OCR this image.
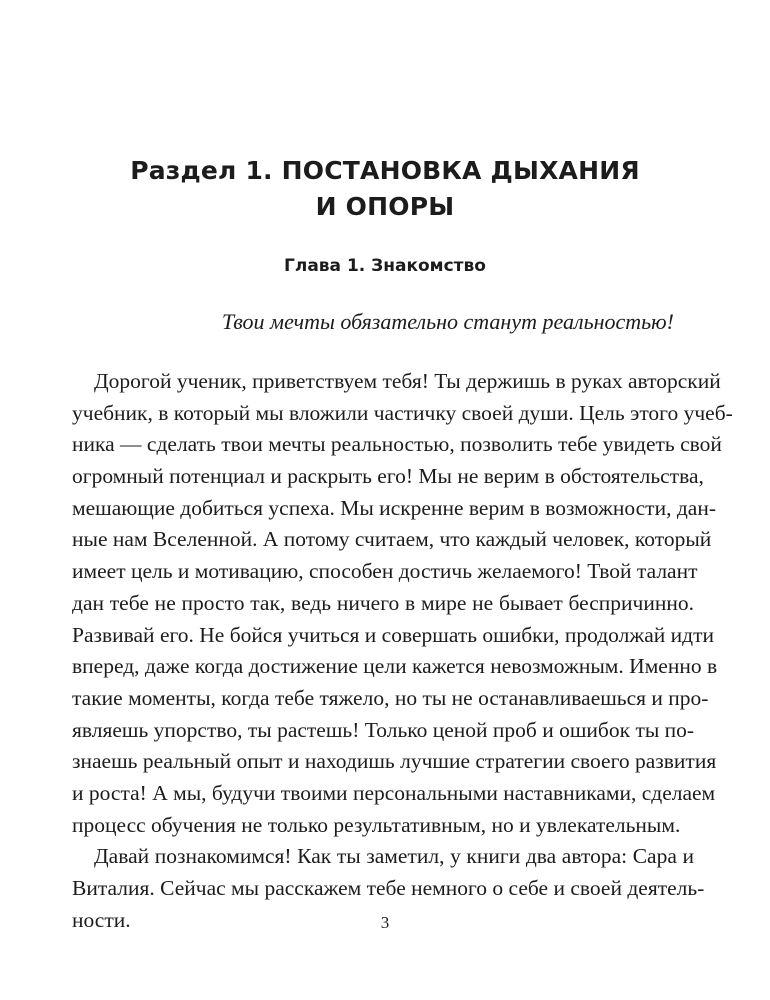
Раздел 1. ПОСТАНОВКА ДЫХАНИЯ
И ОПОРЫ
Глава 1. Знакомство
Твои мечты обязательно станут реальностью!
Дорогой ученик, приветствуем тебя! Ты держишь в руках авторский
учебник, в который мы вложили частичку своей души. Цель этого учеб-
ника — сделать твои мечты реальностью, позволить тебе увидеть свой
огромный потенциал и раскрыть его! Мы не верим в обстоятельства,
мешающие добиться успеха. Мы искренне верим в возможности, дан-
ные нам Вселенной. А потому считаем, что каждый человек, который
имеет цель и мотивацию, способен достичь желаемого! Твой талант
дан тебе не просто так, ведь ничего в мире не бывает беспричинно.
Развивай его. Не бойся учиться и совершать ошибки, продолжай идти
вперед, даже когда достижение цели кажется невозможным. Именно в
такие моменты, когда тебе тяжело, но ты не останавливаешься и про-
являешь упорство, ты растешь! Только ценой проб и ошибок ты по-
знаешь реальный опыт и находишь лучшие стратегии своего развития
и роста! А мы, будучи твоими персональными наставниками, сделаем
процесс обучения не только результативным, но и увлекательным.
Давай познакомимся! Как ты заметил, у книги два автора: Сара и
Виталия. Сейчас мы расскажем тебе немного о себе и своей деятель-
ности.	3
